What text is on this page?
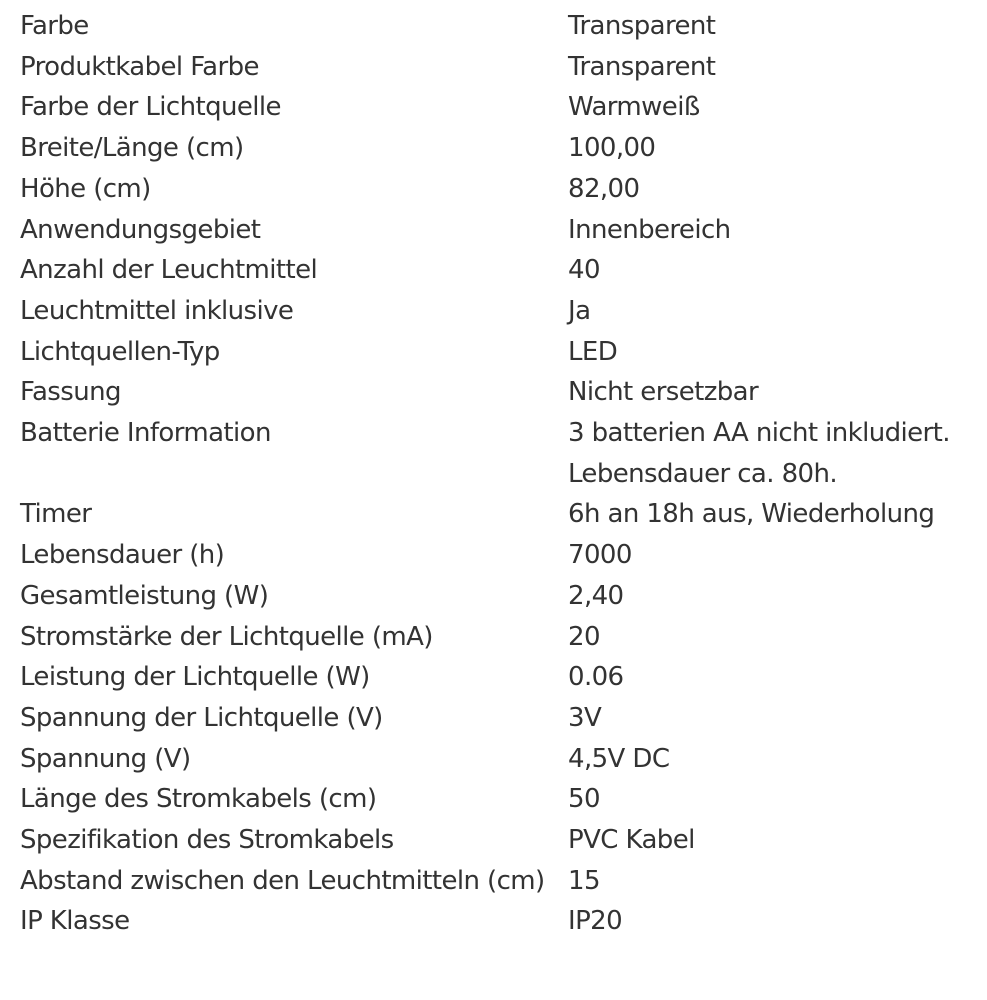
Farbe	Transparent
Produktkabel Farbe	Transparent
Farbe der Lichtquelle	Warmweiß
Breite/Länge (cm)	100,00
Höhe (cm)	82,00
Anwendungsgebiet	Innenbereich
Anzahl der Leuchtmittel	40
Leuchtmittel inklusive	Ja
Lichtquellen-Typ	LED
Fassung	Nicht ersetzbar
Batterie Information	3 batterien AA nicht inkludiert. Lebensdauer ca. 80h.
Timer	6h an 18h aus, Wiederholung
Lebensdauer (h)	7000
Gesamtleistung (W)	2,40
Stromstärke der Lichtquelle (mA)	20
Leistung der Lichtquelle (W)	0.06
Spannung der Lichtquelle (V)	3V
Spannung (V)	4,5V DC
Länge des Stromkabels (cm)	50
Spezifikation des Stromkabels	PVC Kabel
Abstand zwischen den Leuchtmitteln (cm)	15
IP Klasse	IP20
